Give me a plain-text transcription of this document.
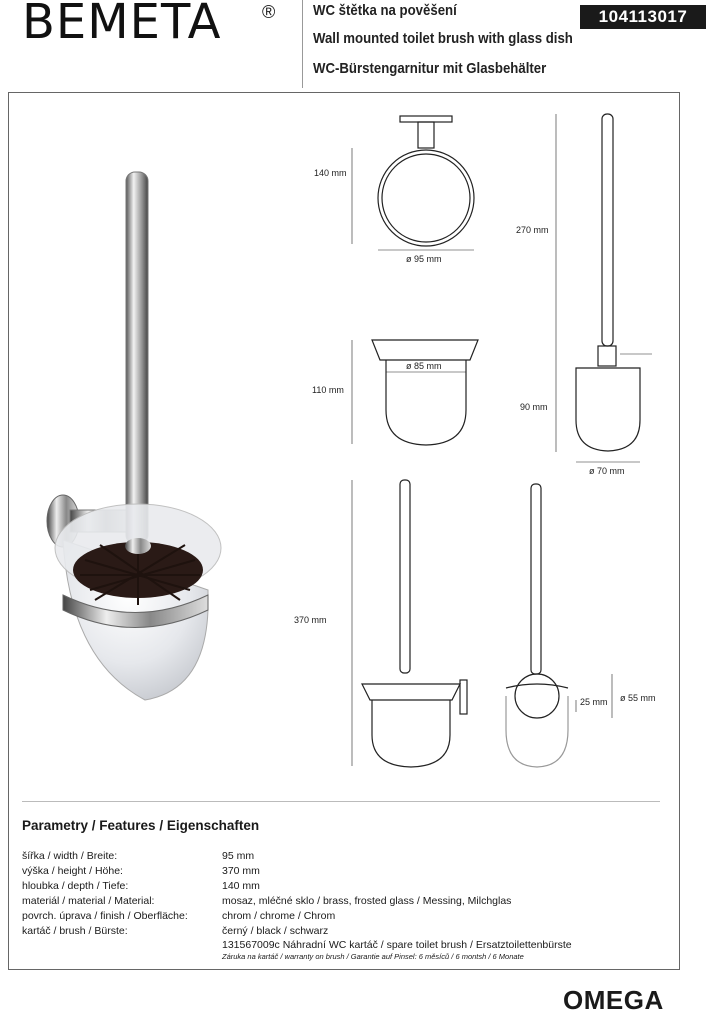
BEMETA ®	WC štětka na pověšení
Wall mounted toilet brush with glass dish
WC-Bürstengarnitur mit Glasbehälter
104113017
140 mm
ø 95 mm
ø 85 mm
110 mm
270 mm
90 mm
ø 70 mm
370 mm
25 mm ø 55 mm
Parametry / Features / Eigenschaften
šířka / width / Breite:	95 mm
výška / height / Höhe:	370 mm
hloubka / depth / Tiefe:	140 mm
materiál / material / Material:	mosaz, mléčné sklo / brass, frosted glass / Messing, Milchglas
povrch. úprava / finish / Oberfläche:	chrom / chrome / Chrom
kartáč / brush / Bürste:	černý / black / schwarz
131567009c Náhradní WC kartáč / spare toilet brush / Ersatztoilettenbürste
Záruka na kartáč / warranty on brush / Garantie auf Pinsel: 6 měsíců / 6 montsh / 6 Monate
OMEGA
